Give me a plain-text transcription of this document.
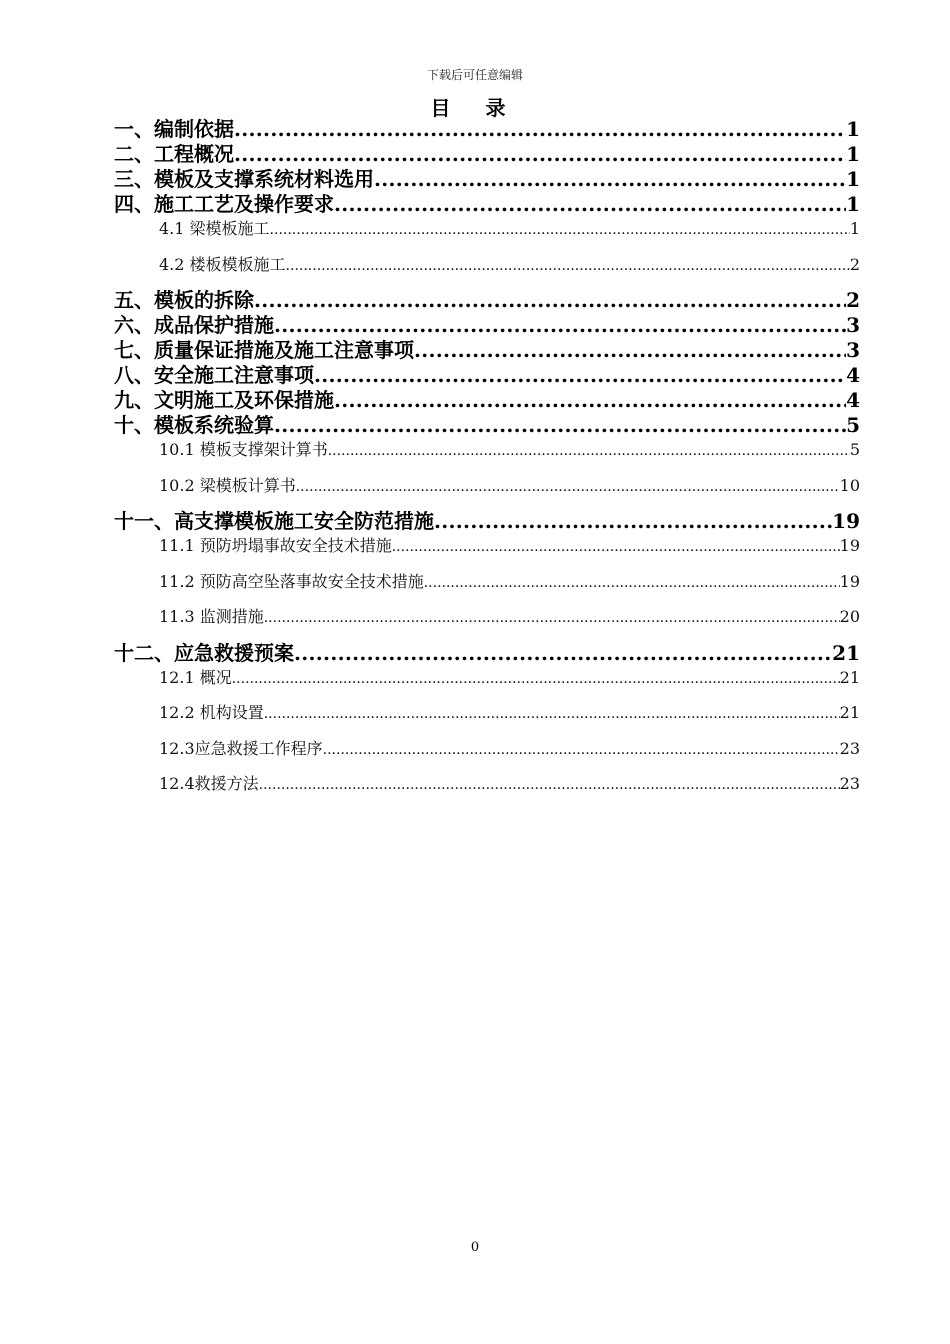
下载后可任意编辑
目 录
一、编制依据 .....	1
二、工程概况 .....	1
三、模板及支撑系统材料选用 .....	1
四、施工工艺及操作要求 .....	1
4.1 梁模板施工 .....	1
4.2 楼板模板施工 .....	2
五、模板的拆除 .....	2
六、成品保护措施 .....	3
七、质量保证措施及施工注意事项 .....	3
八、安全施工注意事项 .....	4
九、文明施工及环保措施 .....	4
十、模板系统验算 .....	5
10.1 模板支撑架计算书 .....	5
10.2 梁模板计算书 .....	10
十一、高支撑模板施工安全防范措施 .....	19
11.1 预防坍塌事故安全技术措施 .....	19
11.2 预防高空坠落事故安全技术措施 .....	19
11.3 监测措施 .....	20
十二、应急救援预案 .....	21
12.1 概况 .....	21
12.2 机构设置 .....	21
12.3应急救援工作程序 .....	23
12.4救援方法 .....	23
0
